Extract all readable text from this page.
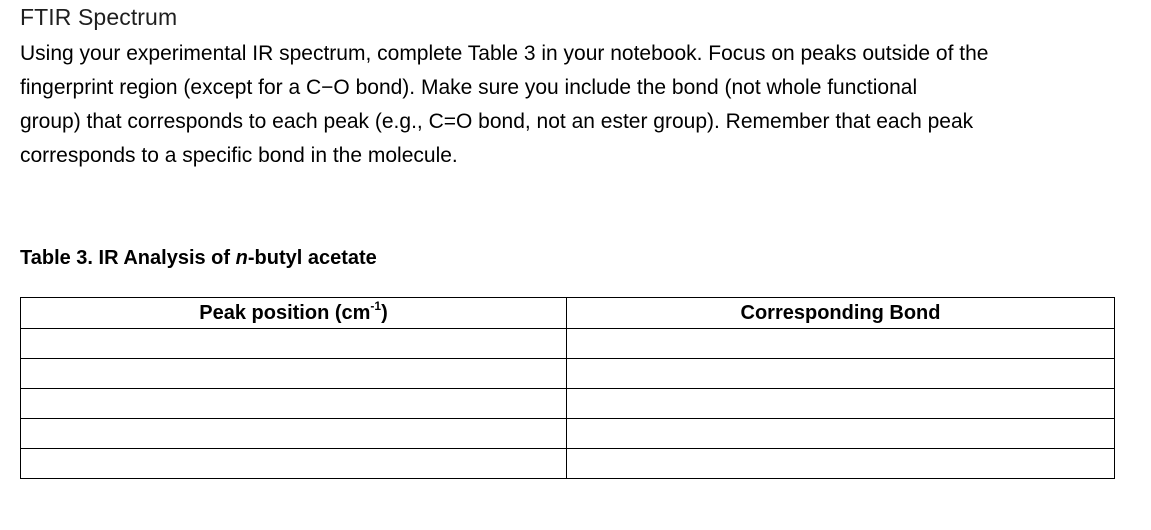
FTIR Spectrum

Using your experimental IR spectrum, complete Table 3 in your notebook. Focus on peaks outside of the
fingerprint region (except for a C−O bond). Make sure you include the bond (not whole functional
group) that corresponds to each peak (e.g., C=O bond, not an ester group). Remember that each peak
corresponds to a specific bond in the molecule.

Table 3. IR Analysis of n-butyl acetate
Peak position $(cm^{-1})$	Corresponding Bond
